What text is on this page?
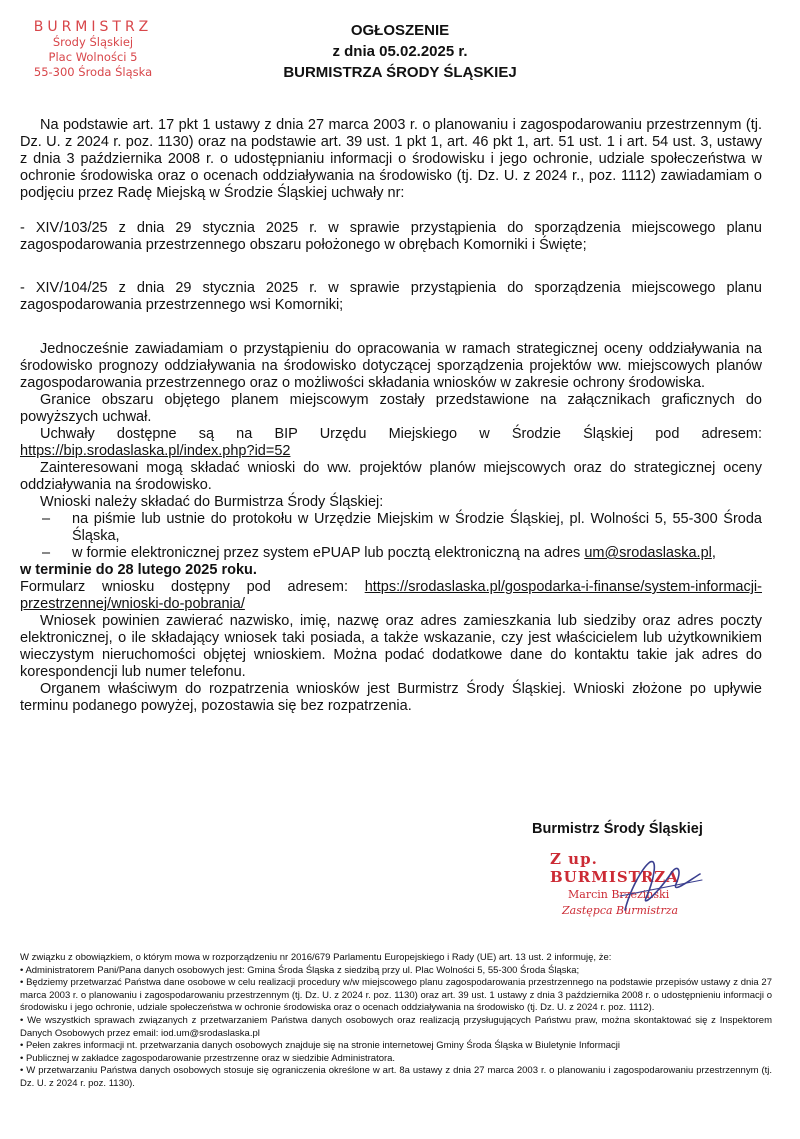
BURMISTRZ
Środy Śląskiej
Plac Wolności 5
55-300 Środa Śląska
OGŁOSZENIE
z dnia 05.02.2025 r.
BURMISTRZA ŚRODY ŚLĄSKIEJ

Na podstawie art. 17 pkt 1 ustawy z dnia 27 marca 2003 r. o planowaniu i zagospodarowaniu przestrzennym (tj. Dz. U. z 2024 r. poz. 1130) oraz na podstawie art. 39 ust. 1 pkt 1, art. 46 pkt 1, art. 51 ust. 1 i art. 54 ust. 3, ustawy z dnia 3 października 2008 r. o udostępnianiu informacji o środowisku i jego ochronie, udziale społeczeństwa w ochronie środowiska oraz o ocenach oddziaływania na środowisko (tj. Dz. U. z 2024 r., poz. 1112) zawiadamiam o podjęciu przez Radę Miejską w Środzie Śląskiej uchwały nr:

- XIV/103/25 z dnia 29 stycznia 2025 r. w sprawie przystąpienia do sporządzenia miejscowego planu zagospodarowania przestrzennego obszaru położonego w obrębach Komorniki i Święte;

- XIV/104/25 z dnia 29 stycznia 2025 r. w sprawie przystąpienia do sporządzenia miejscowego planu zagospodarowania przestrzennego wsi Komorniki;

Jednocześnie zawiadamiam o przystąpieniu do opracowania w ramach strategicznej oceny oddziaływania na środowisko prognozy oddziaływania na środowisko dotyczącej sporządzenia projektów ww. miejscowych planów zagospodarowania przestrzennego oraz o możliwości składania wniosków w zakresie ochrony środowiska.

Granice obszaru objętego planem miejscowym zostały przedstawione na załącznikach graficznych do powyższych uchwał.

Uchwały dostępne są na BIP Urzędu Miejskiego w Środzie Śląskiej pod adresem: https://bip.srodaslaska.pl/index.php?id=52

Zainteresowani mogą składać wnioski do ww. projektów planów miejscowych oraz do strategicznej oceny oddziaływania na środowisko.

Wnioski należy składać do Burmistrza Środy Śląskiej:

– na piśmie lub ustnie do protokołu w Urzędzie Miejskim w Środzie Śląskiej, pl. Wolności 5, 55-300 Środa Śląska,

– w formie elektronicznej przez system ePUAP lub pocztą elektroniczną na adres um@srodaslaska.pl,

w terminie do 28 lutego 2025 roku.

Formularz wniosku dostępny pod adresem: https://srodaslaska.pl/gospodarka-i-finanse/system-informacji-przestrzennej/wnioski-do-pobrania/

Wniosek powinien zawierać nazwisko, imię, nazwę oraz adres zamieszkania lub siedziby oraz adres poczty elektronicznej, o ile składający wniosek taki posiada, a także wskazanie, czy jest właścicielem lub użytkownikiem wieczystym nieruchomości objętej wnioskiem. Można podać dodatkowe dane do kontaktu takie jak adres do korespondencji lub numer telefonu.

Organem właściwym do rozpatrzenia wniosków jest Burmistrz Środy Śląskiej. Wnioski złożone po upływie terminu podanego powyżej, pozostawia się bez rozpatrzenia.

Burmistrz Środy Śląskiej
Z up. BURMISTRZA
Marcin Brzeziński
Zastępca Burmistrza

W związku z obowiązkiem, o którym mowa w rozporządzeniu nr 2016/679 Parlamentu Europejskiego i Rady (UE) art. 13 ust. 2 informuję, że:

• Administratorem Pani/Pana danych osobowych jest: Gmina Środa Śląska z siedzibą przy ul. Plac Wolności 5, 55-300 Środa Śląska;

• Będziemy przetwarzać Państwa dane osobowe w celu realizacji procedury w/w miejscowego planu zagospodarowania przestrzennego na podstawie przepisów ustawy z dnia 27 marca 2003 r. o planowaniu i zagospodarowaniu przestrzennym (tj. Dz. U. z 2024 r. poz. 1130) oraz art. 39 ust. 1 ustawy z dnia 3 października 2008 r. o udostępnieniu informacji o środowisku i jego ochronie, udziale społeczeństwa w ochronie środowiska oraz o ocenach oddziaływania na środowisko (tj. Dz. U. z 2024 r. poz. 1112).

• We wszystkich sprawach związanych z przetwarzaniem Państwa danych osobowych oraz realizacją przysługujących Państwu praw, można skontaktować się z Inspektorem Danych Osobowych przez email: iod.um@srodaslaska.pl

• Pełen zakres informacji nt. przetwarzania danych osobowych znajduje się na stronie internetowej Gminy Środa Śląska w Biuletynie Informacji

• Publicznej w zakładce zagospodarowanie przestrzenne oraz w siedzibie Administratora.

• W przetwarzaniu Państwa danych osobowych stosuje się ograniczenia określone w art. 8a ustawy z dnia 27 marca 2003 r. o planowaniu i zagospodarowaniu przestrzennym (tj. Dz. U. z 2024 r. poz. 1130).
